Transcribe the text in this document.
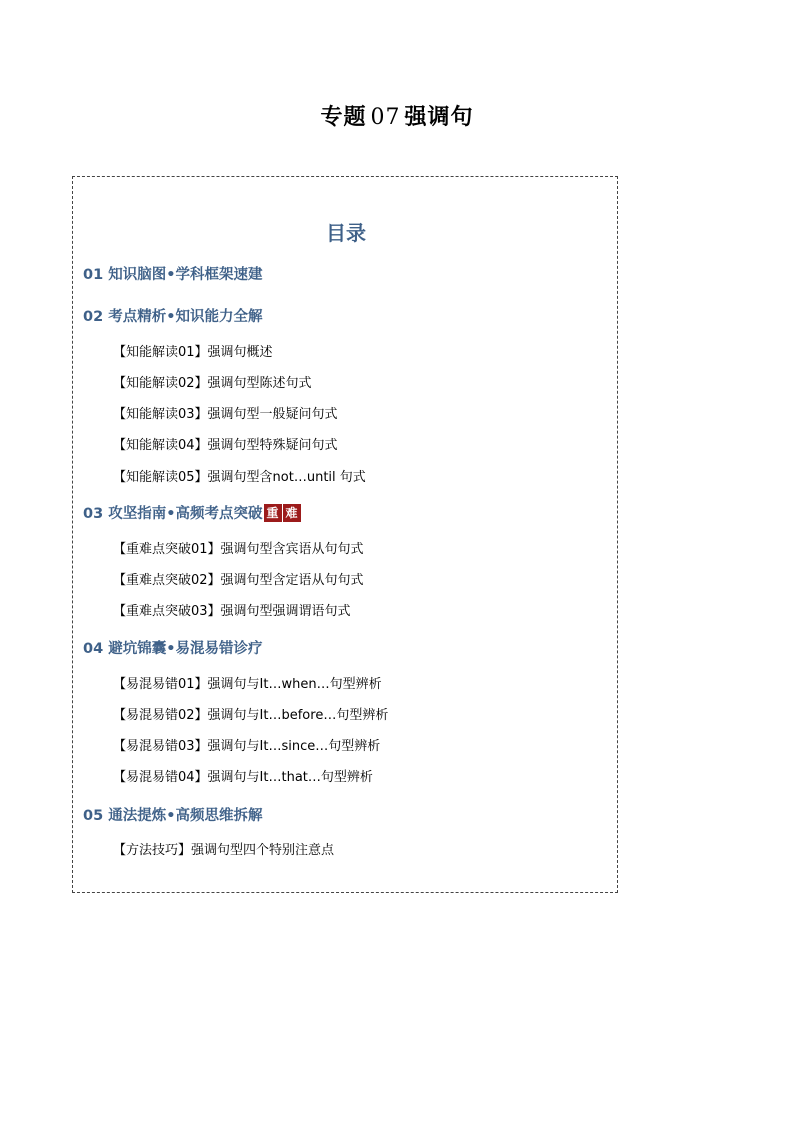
专题 07 强调句
目录
01 知识脑图•学科框架速建
02 考点精析•知识能力全解
【知能解读01】强调句概述
【知能解读02】强调句型陈述句式
【知能解读03】强调句型一般疑问句式
【知能解读04】强调句型特殊疑问句式
【知能解读05】强调句型含not…until 句式
03 攻坚指南•高频考点突破 重 难
【重难点突破01】强调句型含宾语从句句式
【重难点突破02】强调句型含定语从句句式
【重难点突破03】强调句型强调谓语句式
04 避坑锦囊•易混易错诊疗
【易混易错01】强调句与It…when…句型辨析
【易混易错02】强调句与It…before…句型辨析
【易混易错03】强调句与It…since…句型辨析
【易混易错04】强调句与It…that…句型辨析
05 通法提炼•高频思维拆解
【方法技巧】强调句型四个特别注意点
